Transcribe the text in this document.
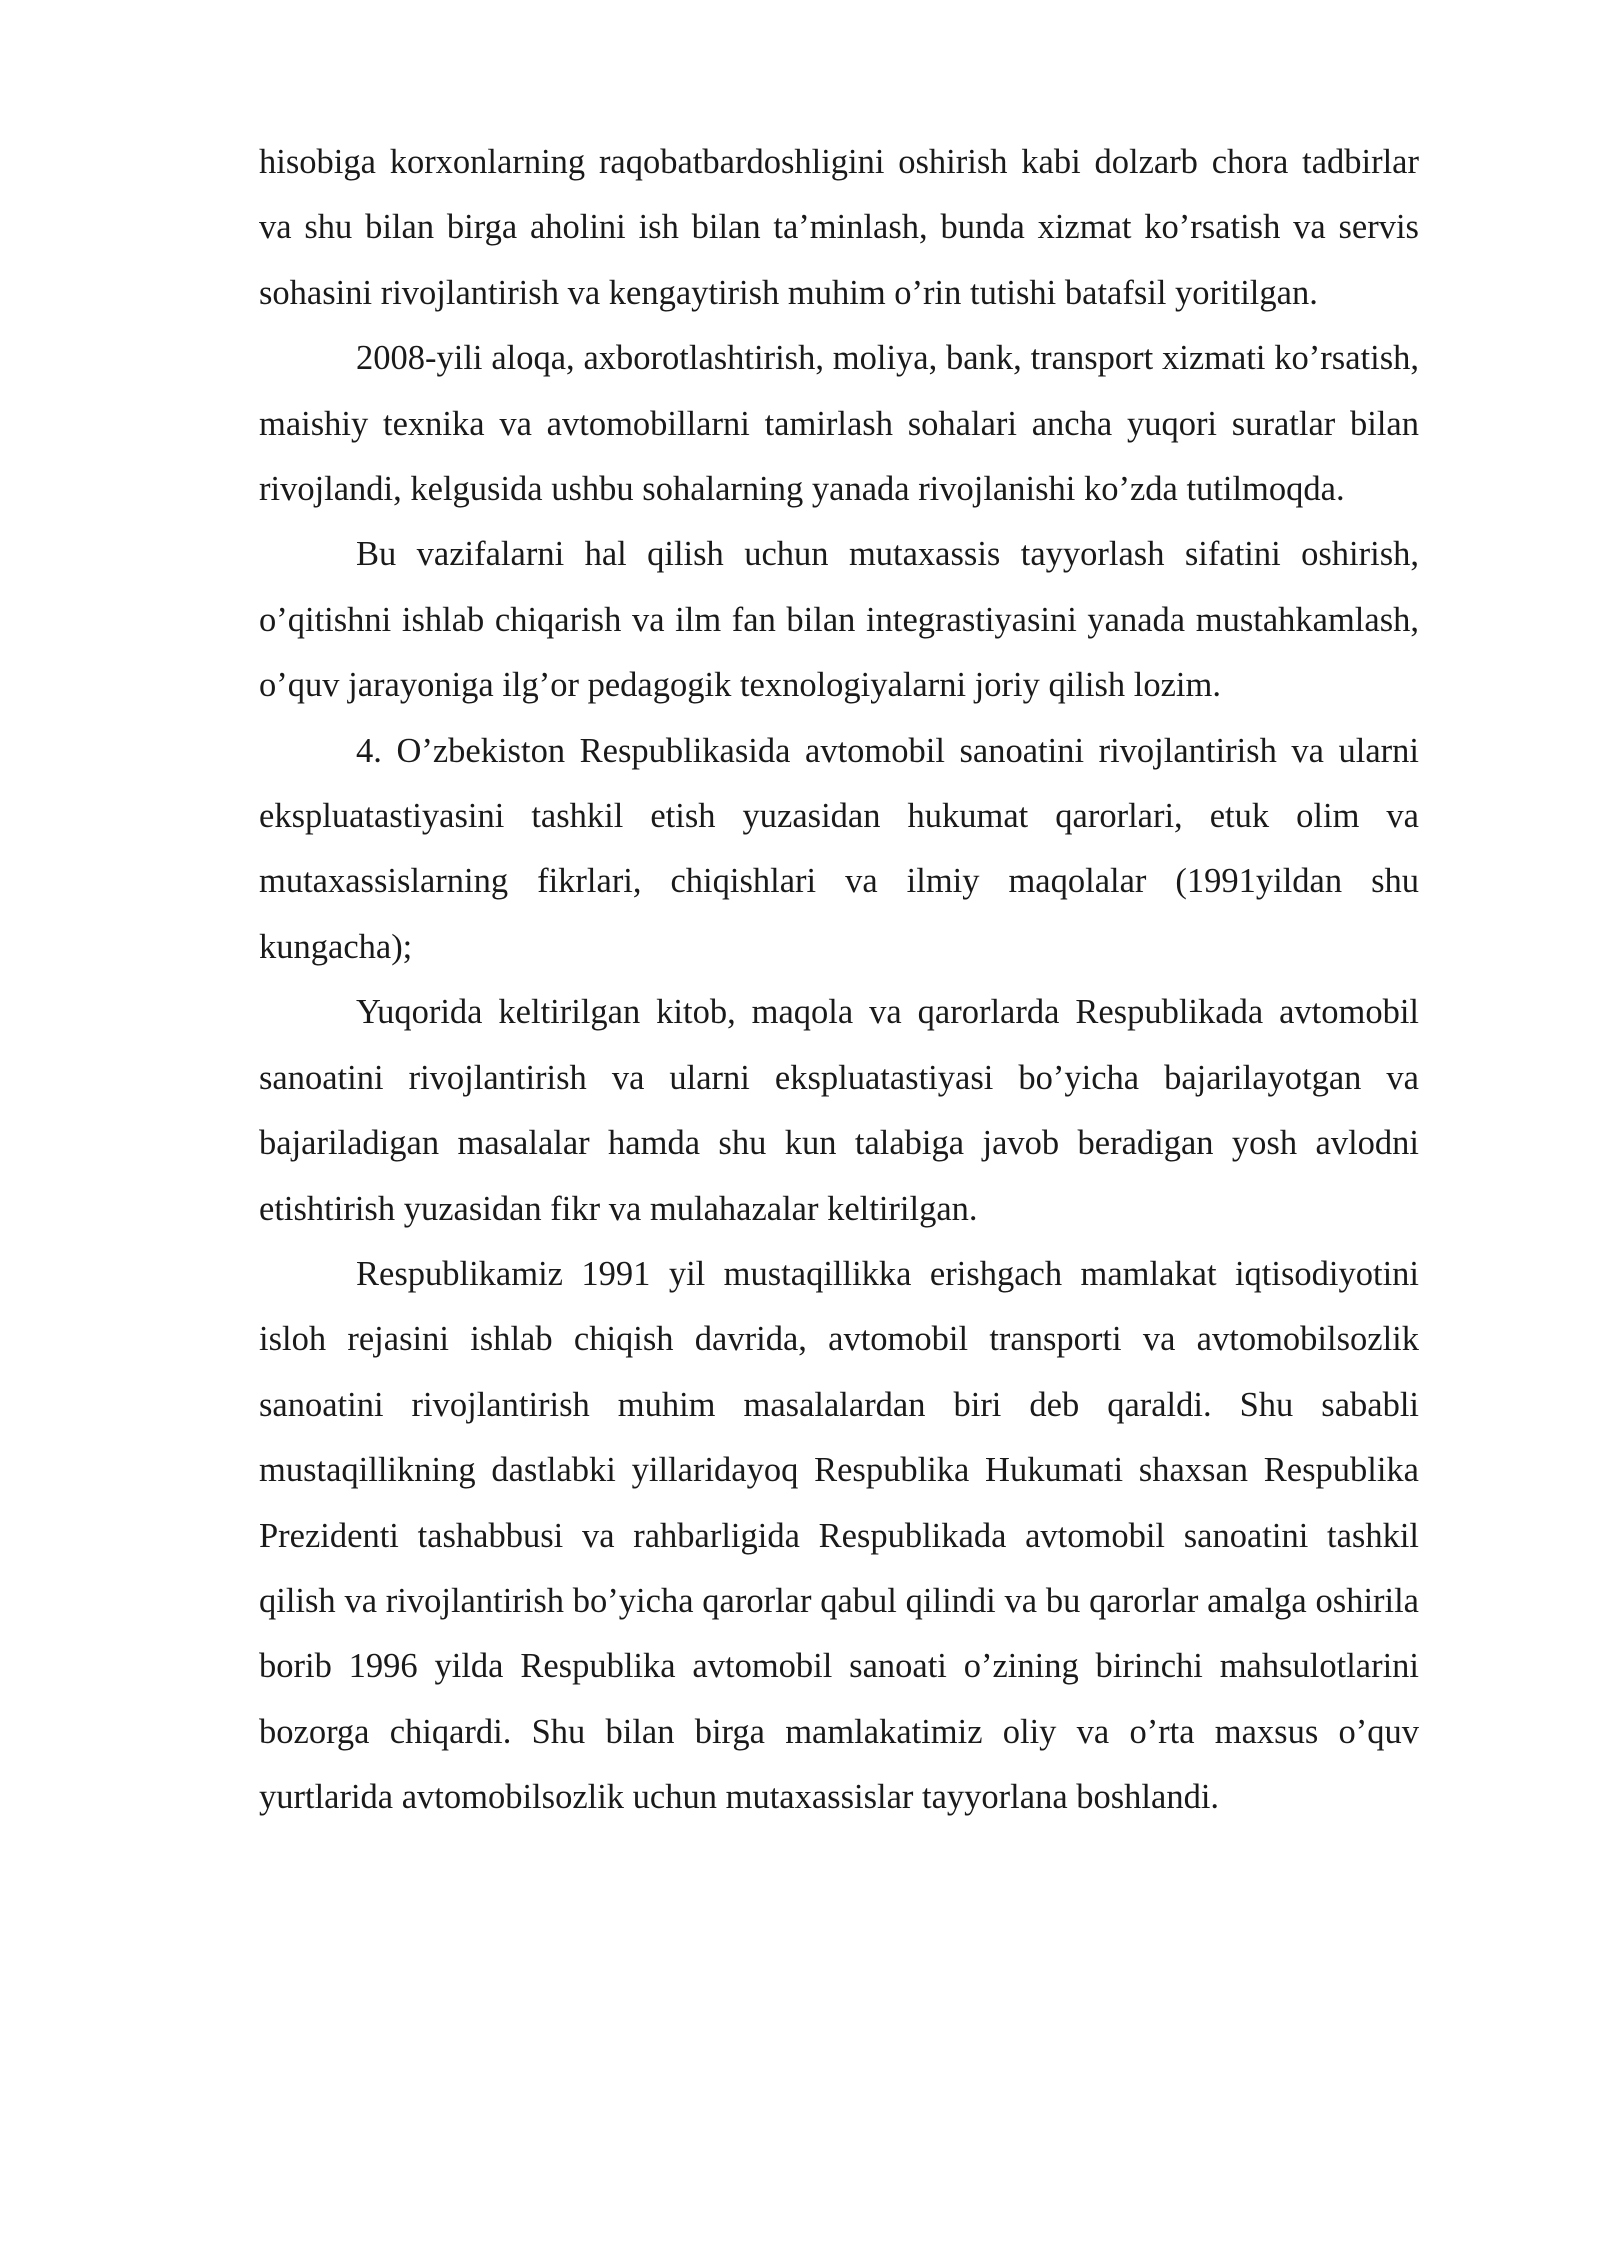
hisobiga korxonlarning raqobatbardoshligini oshirish kabi dolzarb chora tadbirlar va shu bilan birga aholini ish bilan ta’minlash, bunda xizmat ko’rsatish va servis sohasini rivojlantirish va kengaytirish muhim o’rin tutishi batafsil yoritilgan.

2008-yili aloqa, axborotlashtirish, moliya, bank, transport xizmati ko’rsatish, maishiy texnika va avtomobillarni tamirlash sohalari ancha yuqori suratlar bilan rivojlandi, kelgusida ushbu sohalarning yanada rivojlanishi ko’zda tutilmoqda.

Bu vazifalarni hal qilish uchun mutaxassis tayyorlash sifatini oshirish, o’qitishni ishlab chiqarish va ilm fan bilan integrastiyasini yanada mustahkamlash, o’quv jarayoniga ilg’or pedagogik texnologiyalarni joriy qilish lozim.

4. O’zbekiston Respublikasida avtomobil sanoatini rivojlantirish va ularni ekspluatastiyasini tashkil etish yuzasidan hukumat qarorlari, etuk olim va mutaxassislarning fikrlari, chiqishlari va ilmiy maqolalar (1991yildan shu kungacha);

Yuqorida keltirilgan kitob, maqola va qarorlarda Respublikada avtomobil sanoatini rivojlantirish va ularni ekspluatastiyasi bo’yicha bajarilayotgan va bajariladigan masalalar hamda shu kun talabiga javob beradigan yosh avlodni etishtirish yuzasidan fikr va mulahazalar keltirilgan.

Respublikamiz 1991 yil mustaqillikka erishgach mamlakat iqtisodiyotini isloh rejasini ishlab chiqish davrida, avtomobil transporti va avtomobilsozlik sanoatini rivojlantirish muhim masalalardan biri deb qaraldi. Shu sababli mustaqillikning dastlabki yillaridayoq Respublika Hukumati shaxsan Respublika Prezidenti tashabbusi va rahbarligida Respublikada avtomobil sanoatini tashkil qilish va rivojlantirish bo’yicha qarorlar qabul qilindi va bu qarorlar amalga oshirila borib 1996 yilda Respublika avtomobil sanoati o’zining birinchi mahsulotlarini bozorga chiqardi. Shu bilan birga mamlakatimiz oliy va o’rta maxsus o’quv yurtlarida avtomobilsozlik uchun mutaxassislar tayyorlana boshlandi.
